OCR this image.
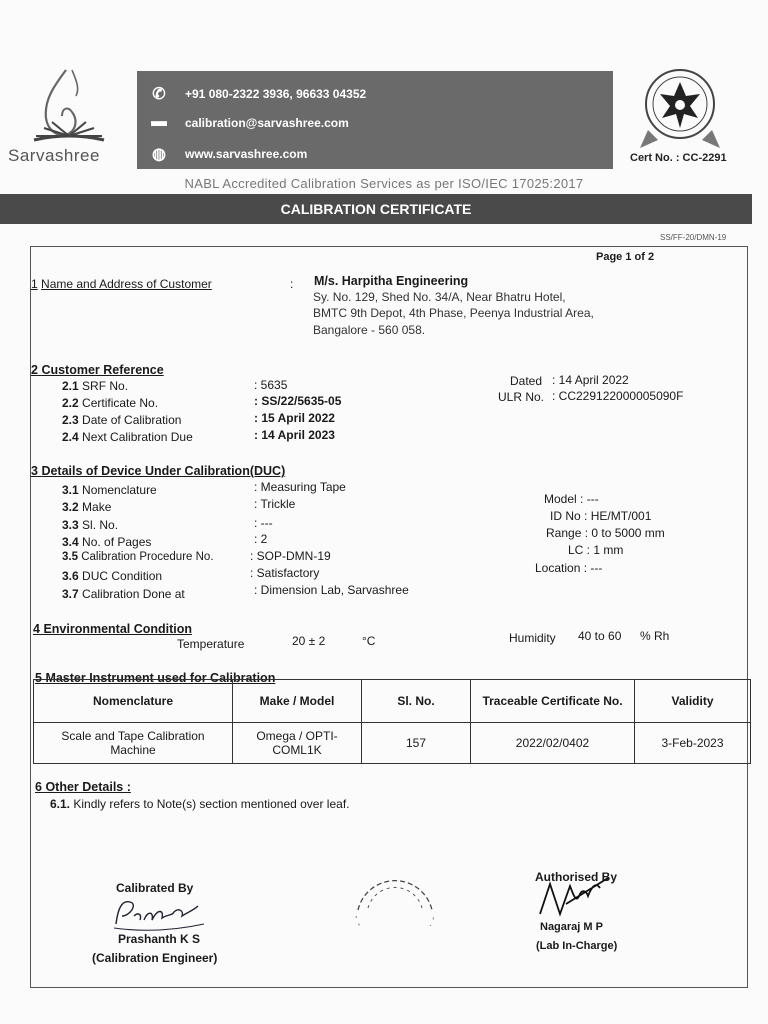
Sarvashree
✆	+91 080-2322 3936, 96633 04352
▬	calibration@sarvashree.com
◍	www.sarvashree.com	Cert No. : CC-2291
NABL Accredited Calibration Services as per ISO/IEC 17025:2017
CALIBRATION CERTIFICATE
SS/FF-20/DMN-19
Page 1 of 2
1 Name and Address of Customer	: M/s. Harpitha Engineering
Sy. No. 129, Shed No. 34/A, Near Bhatru Hotel,
BMTC 9th Depot, 4th Phase, Peenya Industrial Area,
Bangalore - 560 058.
2 Customer Reference
2.1 SRF No.	: 5635
2.2 Certificate No.	: SS/22/5635-05
2.3 Date of Calibration	: 15 April 2022
2.4 Next Calibration Due	: 14 April 2023
Dated : 14 April 2022
ULR No. : CC229122000005090F
3 Details of Device Under Calibration(DUC)
3.1 Nomenclature	: Measuring Tape
3.2 Make	: Trickle
3.3 Sl. No.	: ---
3.4 No. of Pages	: 2
3.5 Calibration Procedure No.	: SOP-DMN-19
3.6 DUC Condition	: Satisfactory
3.7 Calibration Done at	: Dimension Lab, Sarvashree
Model : ---
ID No : HE/MT/001
Range : 0 to 5000 mm
LC : 1 mm
Location : ---
4 Environmental Condition
Temperature	20 ± 2	°C	Humidity 40 to 60 % Rh
5 Master Instrument used for Calibration
Nomenclature	Make / Model	Sl. No.	Traceable Certificate No.	Validity
Scale and Tape Calibration Machine	Omega / OPTI-COML1K	157	2022/02/0402	3-Feb-2023
6 Other Details :
6.1. Kindly refers to Note(s) section mentioned over leaf.
Calibrated By
Prashanth K S
(Calibration Engineer)
Authorised By
Nagaraj M P
(Lab In-Charge)
